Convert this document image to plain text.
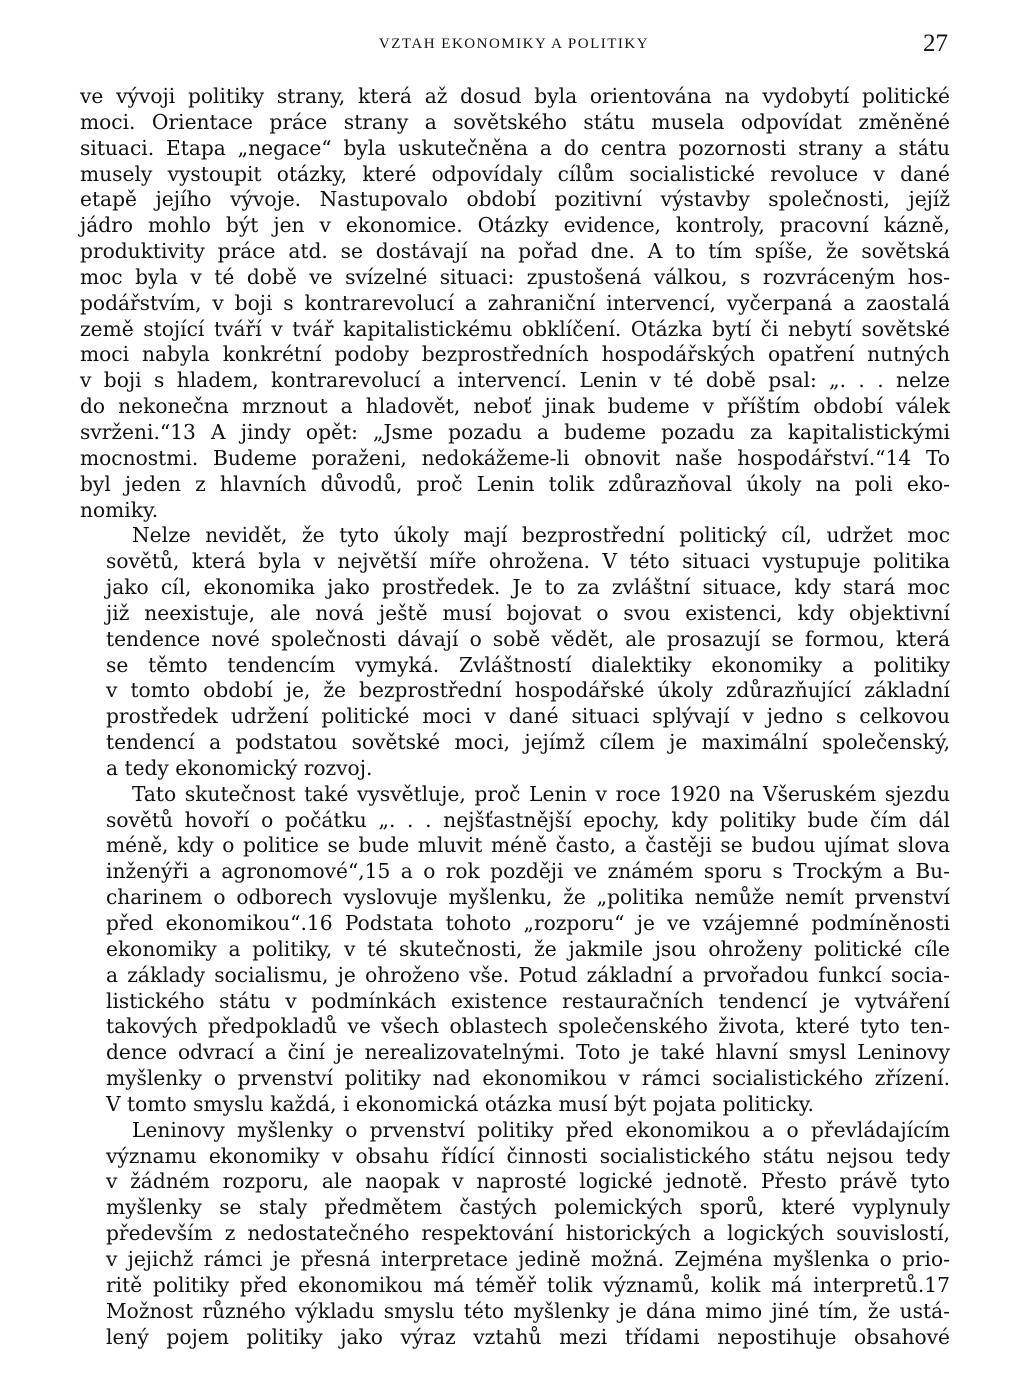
VZTAH EKONOMIKY A POLITIKY	27

ve vývoji politiky strany, která až dosud byla orientována na vydobytí politické
moci. Orientace práce strany a sovětského státu musela odpovídat změněné
situaci. Etapa „negace“ byla uskutečněna a do centra pozornosti strany a státu
musely vystoupit otázky, které odpovídaly cílům socialistické revoluce v dané
etapě jejího vývoje. Nastupovalo období pozitivní výstavby společnosti, jejíž
jádro mohlo být jen v ekonomice. Otázky evidence, kontroly, pracovní kázně,
produktivity práce atd. se dostávají na pořad dne. A to tím spíše, že sovětská
moc byla v té době ve svízelné situaci: zpustošená válkou, s rozvráceným hos-
podářstvím, v boji s kontrarevolucí a zahraniční intervencí, vyčerpaná a zaostalá
země stojící tváří v tvář kapitalistickému obklíčení. Otázka bytí či nebytí sovětské
moci nabyla konkrétní podoby bezprostředních hospodářských opatření nutných
v boji s hladem, kontrarevolucí a intervencí. Lenin v té době psal: „. . . nelze
do nekonečna mrznout a hladovět, neboť jinak budeme v příštím období válek
svrženi.“13 A jindy opět: „Jsme pozadu a budeme pozadu za kapitalistickými
mocnostmi. Budeme poraženi, nedokážeme-li obnovit naše hospodářství.“14 To
byl jeden z hlavních důvodů, proč Lenin tolik zdůrazňoval úkoly na poli eko-
nomiky.

Nelze nevidět, že tyto úkoly mají bezprostřední politický cíl, udržet moc
sovětů, která byla v největší míře ohrožena. V této situaci vystupuje politika
jako cíl, ekonomika jako prostředek. Je to za zvláštní situace, kdy stará moc
již neexistuje, ale nová ještě musí bojovat o svou existenci, kdy objektivní
tendence nové společnosti dávají o sobě vědět, ale prosazují se formou, která
se těmto tendencím vymyká. Zvláštností dialektiky ekonomiky a politiky
v tomto období je, že bezprostřední hospodářské úkoly zdůrazňující základní
prostředek udržení politické moci v dané situaci splývají v jedno s celkovou
tendencí a podstatou sovětské moci, jejímž cílem je maximální společenský,
a tedy ekonomický rozvoj.

Tato skutečnost také vysvětluje, proč Lenin v roce 1920 na Všeruském sjezdu
sovětů hovoří o počátku „. . . nejšťastnější epochy, kdy politiky bude čím dál
méně, kdy o politice se bude mluvit méně často, a častěji se budou ujímat slova
inženýři a agronomové“,15 a o rok později ve známém sporu s Trockým a Bu-
charinem o odborech vyslovuje myšlenku, že „politika nemůže nemít prvenství
před ekonomikou“.16 Podstata tohoto „rozporu“ je ve vzájemné podmíněnosti
ekonomiky a politiky, v té skutečnosti, že jakmile jsou ohroženy politické cíle
a základy socialismu, je ohroženo vše. Potud základní a prvořadou funkcí socia-
listického státu v podmínkách existence restauračních tendencí je vytváření
takových předpokladů ve všech oblastech společenského života, které tyto ten-
dence odvrací a činí je nerealizovatelnými. Toto je také hlavní smysl Leninovy
myšlenky o prvenství politiky nad ekonomikou v rámci socialistického zřízení.
V tomto smyslu každá, i ekonomická otázka musí být pojata politicky.

Leninovy myšlenky o prvenství politiky před ekonomikou a o převládajícím
významu ekonomiky v obsahu řídící činnosti socialistického státu nejsou tedy
v žádném rozporu, ale naopak v naprosté logické jednotě. Přesto právě tyto
myšlenky se staly předmětem častých polemických sporů, které vyplynuly
především z nedostatečného respektování historických a logických souvislostí,
v jejichž rámci je přesná interpretace jedině možná. Zejména myšlenka o prio-
ritě politiky před ekonomikou má téměř tolik významů, kolik má interpretů.17
Možnost různého výkladu smyslu této myšlenky je dána mimo jiné tím, že ustá-
lený pojem politiky jako výraz vztahů mezi třídami nepostihuje obsahové
